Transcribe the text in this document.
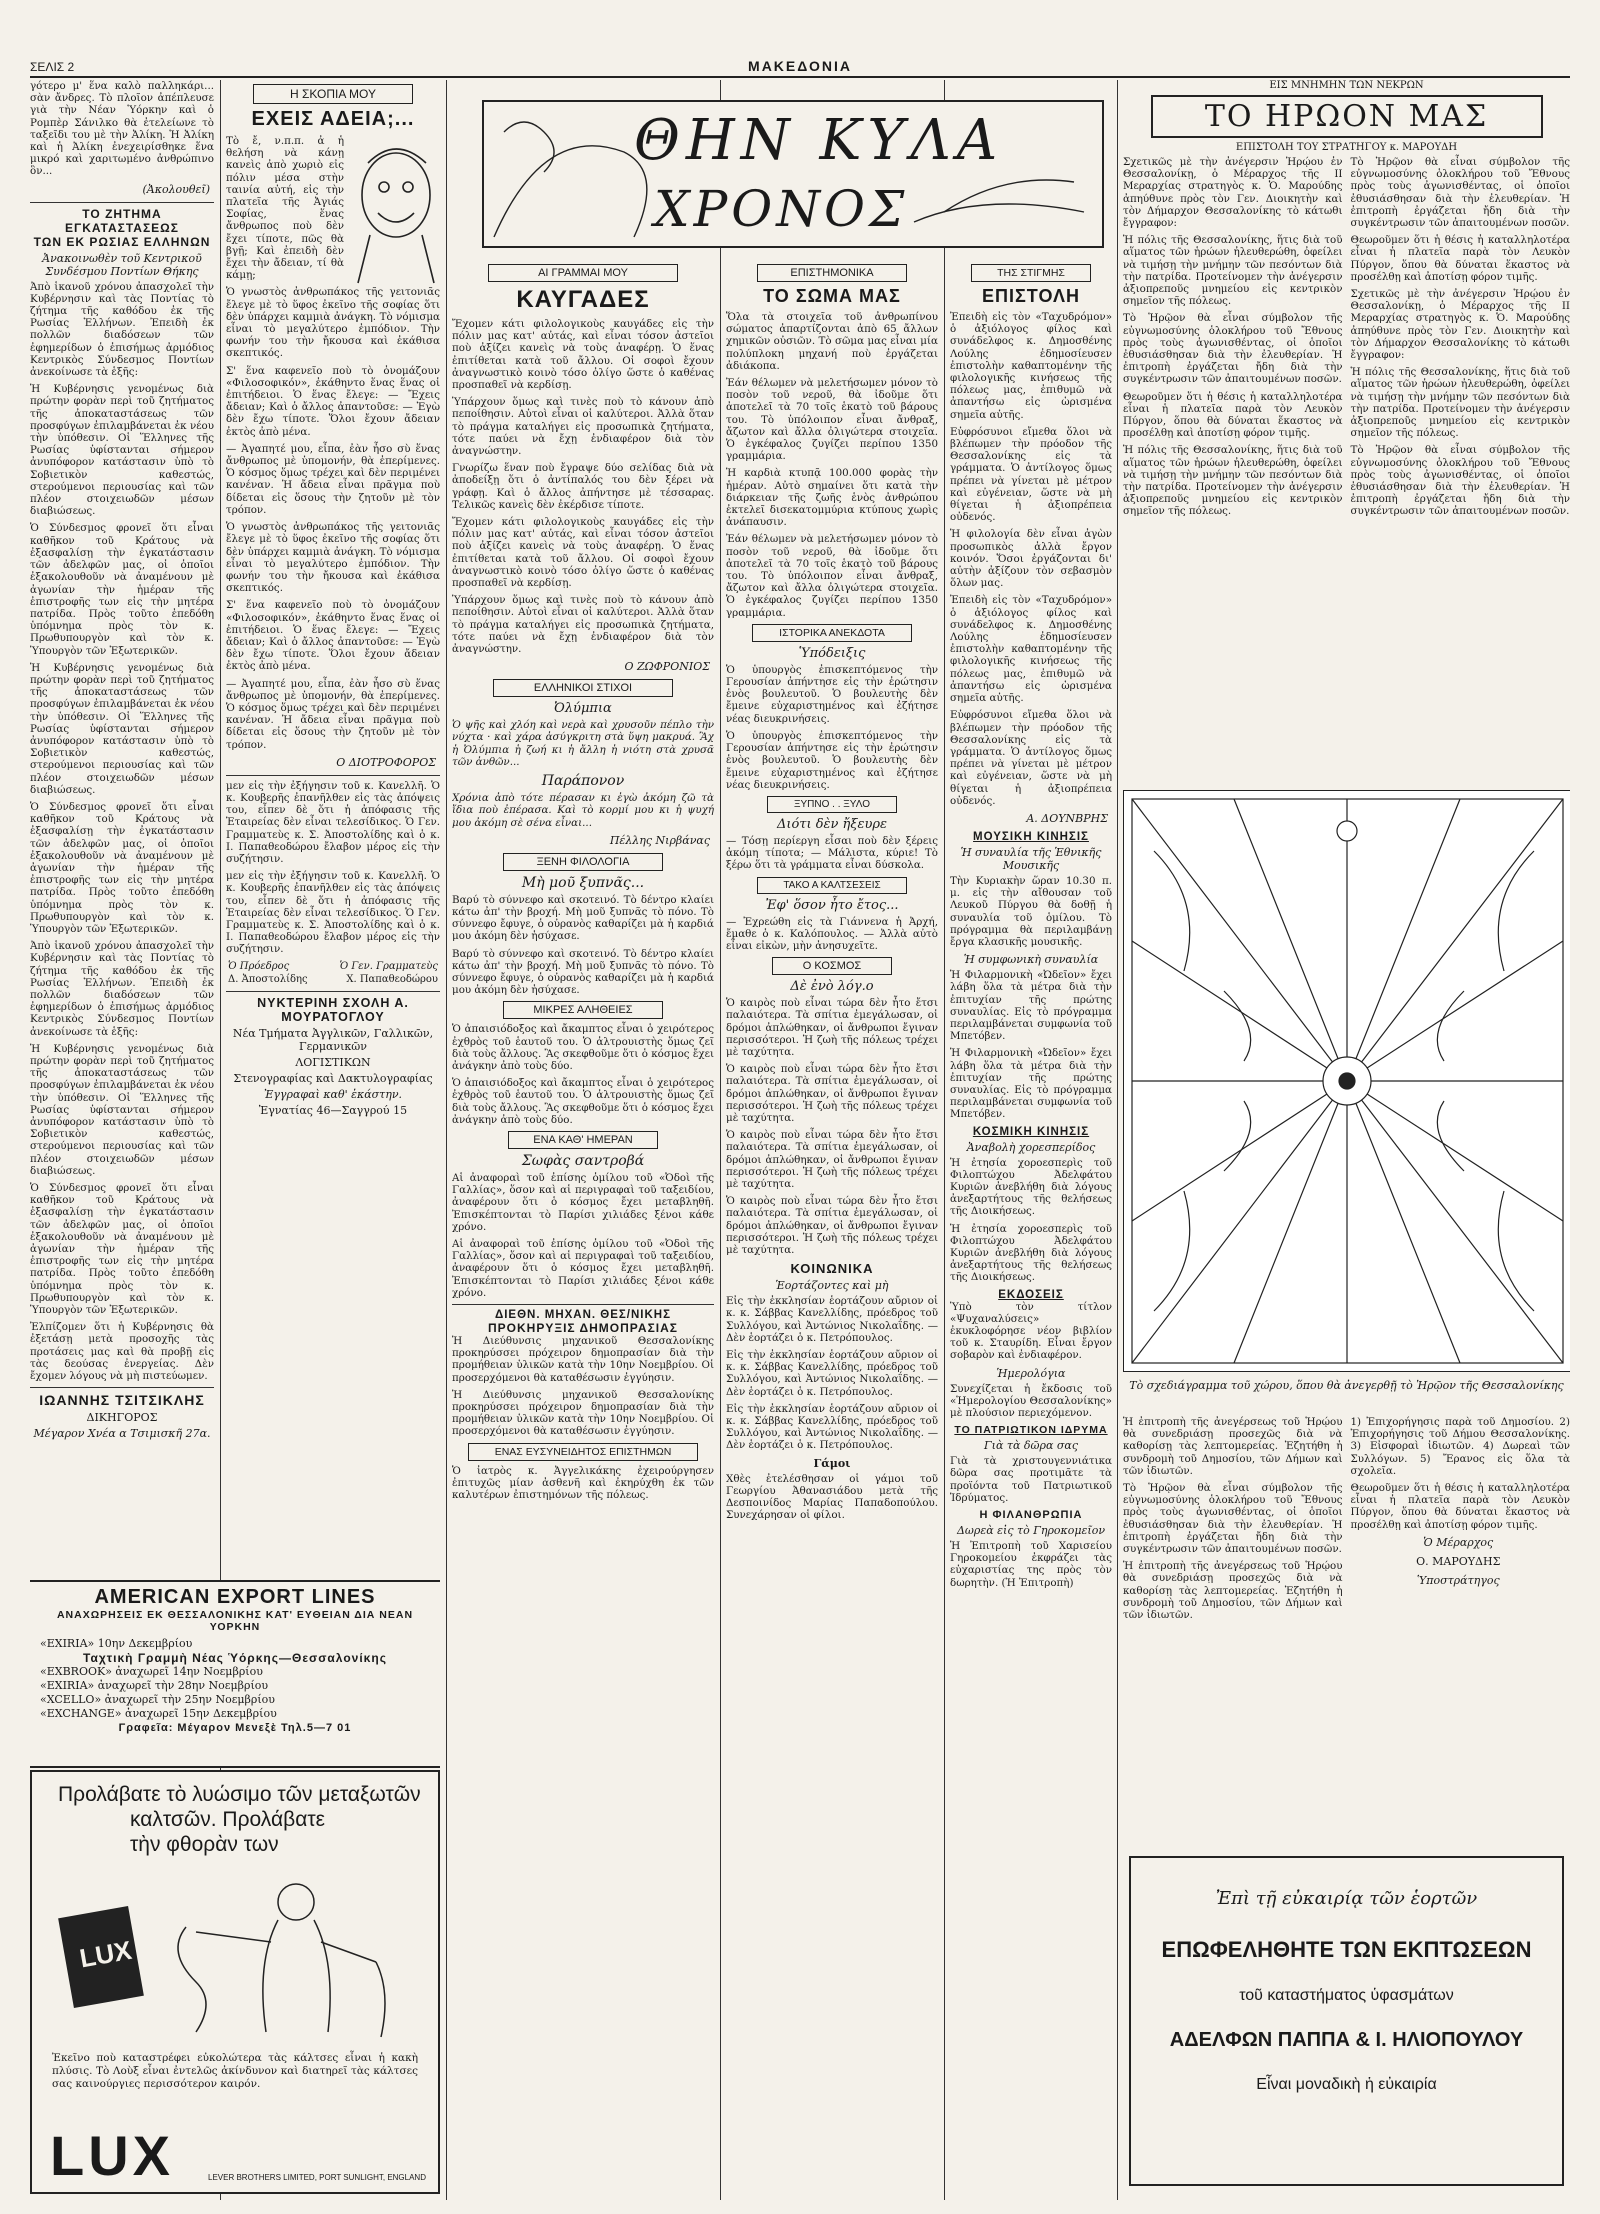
ΣΕΛΙΣ 2	ΜΑΚΕΔΟΝΙΑ

γότερο μ' ἕνα καλὸ παλληκάρι... σὰν ἄνδρες. Τὸ πλοῖον ἀπέπλευσε γιὰ τὴν Νέαν Ὑόρκην καὶ ὁ Ρομπὲρ Σάνιλκο θὰ ἐτελείωνε τὸ ταξεῖδι του μὲ τὴν Ἀλίκη. Ἡ Ἀλίκη καὶ ἡ Ἀλίκη ἐνεχειρίσθηκε ἕνα μικρό καὶ χαριτωμένο ἀνθρώπινο ὃν...

(Ἀκολουθεῖ)
ΤΟ ΖΗΤΗΜΑ ΕΓΚΑΤΑΣΤΑΣΕΩΣ
ΤΩΝ ΕΚ ΡΩΣΙΑΣ ΕΛΛΗΝΩΝ
Ἀνακοινωθὲν τοῦ Κεντρικοῦ Συνδέσμου Ποντίων Θήκης

Ἀπὸ ἱκανοῦ χρόνου ἀπασχολεῖ τὴν Κυβέρνησιν καὶ τὰς Ποντίας τὸ ζήτημα τῆς καθόδου ἐκ τῆς Ρωσίας Ἑλλήνων. Ἐπειδὴ ἐκ πολλῶν διαδόσεων τῶν ἐφημερίδων ὁ ἐπισήμως ἀρμόδιος Κεντρικὸς Σύνδεσμος Ποντίων ἀνεκοίνωσε τὰ ἑξῆς:

Ἡ Κυβέρνησις γενομένως διὰ πρώτην φορὰν περὶ τοῦ ζητήματος τῆς ἀποκαταστάσεως τῶν προσφύγων ἐπιλαμβάνεται ἐκ νέου τὴν ὑπόθεσιν. Οἱ Ἕλληνες τῆς Ρωσίας ὑφίστανται σήμερον ἀνυπόφορον κατάστασιν ὑπὸ τὸ Σοβιετικὸν καθεστώς, στερούμενοι περιουσίας καὶ τῶν πλέον στοιχειωδῶν μέσων διαβιώσεως.

Ὁ Σύνδεσμος φρονεῖ ὅτι εἶναι καθῆκον τοῦ Κράτους νὰ ἐξασφαλίσῃ τὴν ἐγκατάστασιν τῶν ἀδελφῶν μας, οἱ ὁποῖοι ἐξακολουθοῦν νὰ ἀναμένουν μὲ ἀγωνίαν τὴν ἡμέραν τῆς ἐπιστροφῆς των εἰς τὴν μητέρα πατρίδα. Πρὸς τοῦτο ἐπεδόθη ὑπόμνημα πρὸς τὸν κ. Πρωθυπουργὸν καὶ τὸν κ. Ὑπουργὸν τῶν Ἐξωτερικῶν.

Ἡ Κυβέρνησις γενομένως διὰ πρώτην φορὰν περὶ τοῦ ζητήματος τῆς ἀποκαταστάσεως τῶν προσφύγων ἐπιλαμβάνεται ἐκ νέου τὴν ὑπόθεσιν. Οἱ Ἕλληνες τῆς Ρωσίας ὑφίστανται σήμερον ἀνυπόφορον κατάστασιν ὑπὸ τὸ Σοβιετικὸν καθεστώς, στερούμενοι περιουσίας καὶ τῶν πλέον στοιχειωδῶν μέσων διαβιώσεως.

Ὁ Σύνδεσμος φρονεῖ ὅτι εἶναι καθῆκον τοῦ Κράτους νὰ ἐξασφαλίσῃ τὴν ἐγκατάστασιν τῶν ἀδελφῶν μας, οἱ ὁποῖοι ἐξακολουθοῦν νὰ ἀναμένουν μὲ ἀγωνίαν τὴν ἡμέραν τῆς ἐπιστροφῆς των εἰς τὴν μητέρα πατρίδα. Πρὸς τοῦτο ἐπεδόθη ὑπόμνημα πρὸς τὸν κ. Πρωθυπουργὸν καὶ τὸν κ. Ὑπουργὸν τῶν Ἐξωτερικῶν.

Ἀπὸ ἱκανοῦ χρόνου ἀπασχολεῖ τὴν Κυβέρνησιν καὶ τὰς Ποντίας τὸ ζήτημα τῆς καθόδου ἐκ τῆς Ρωσίας Ἑλλήνων. Ἐπειδὴ ἐκ πολλῶν διαδόσεων τῶν ἐφημερίδων ὁ ἐπισήμως ἀρμόδιος Κεντρικὸς Σύνδεσμος Ποντίων ἀνεκοίνωσε τὰ ἑξῆς:

Ἡ Κυβέρνησις γενομένως διὰ πρώτην φορὰν περὶ τοῦ ζητήματος τῆς ἀποκαταστάσεως τῶν προσφύγων ἐπιλαμβάνεται ἐκ νέου τὴν ὑπόθεσιν. Οἱ Ἕλληνες τῆς Ρωσίας ὑφίστανται σήμερον ἀνυπόφορον κατάστασιν ὑπὸ τὸ Σοβιετικὸν καθεστώς, στερούμενοι περιουσίας καὶ τῶν πλέον στοιχειωδῶν μέσων διαβιώσεως.

Ὁ Σύνδεσμος φρονεῖ ὅτι εἶναι καθῆκον τοῦ Κράτους νὰ ἐξασφαλίσῃ τὴν ἐγκατάστασιν τῶν ἀδελφῶν μας, οἱ ὁποῖοι ἐξακολουθοῦν νὰ ἀναμένουν μὲ ἀγωνίαν τὴν ἡμέραν τῆς ἐπιστροφῆς των εἰς τὴν μητέρα πατρίδα. Πρὸς τοῦτο ἐπεδόθη ὑπόμνημα πρὸς τὸν κ. Πρωθυπουργὸν καὶ τὸν κ. Ὑπουργὸν τῶν Ἐξωτερικῶν.

Ἐλπίζομεν ὅτι ἡ Κυβέρνησις θὰ ἐξετάσῃ μετὰ προσοχῆς τὰς προτάσεις μας καὶ θὰ προβῇ εἰς τὰς δεούσας ἐνεργείας. Δὲν ἔχομεν λόγους νὰ μὴ πιστεύωμεν.

ΙΩΑΝΝΗΣ ΤΣΙΤΣΙΚΛΗΣ
ΔΙΚΗΓΟΡΟΣ
Μέγαρον Χνέα α Τσιμισκῆ 27α.
AMERICAN EXPORT LINES
ΑΝΑΧΩΡΗΣΕΙΣ ΕΚ ΘΕΣΣΑΛΟΝΙΚΗΣ ΚΑΤ' ΕΥΘΕΙΑΝ ΔΙΑ ΝΕΑΝ ΥΟΡΚΗΝ
«EXIRIA» 10ην Δεκεμβρίου
Ταχτικὴ Γραμμὴ Νέας Ὑόρκης—Θεσσαλονίκης
«EXBROOK» ἀναχωρεῖ 14ην Νοεμβρίου
«EXIRIA» ἀναχωρεῖ τὴν 28ην Νοεμβρίου
«XCELLO» ἀναχωρεῖ τὴν 25ην Νοεμβρίου
«EXCHANGE» ἀναχωρεῖ 15ην Δεκεμβρίου
Γραφεῖα: Μέγαρον Μενεξὲ Τηλ.5—7 01
Προλάβατε τὸ λυώσιμο τῶν μεταξωτῶν
καλτσῶν. Προλάβατε
τὴν φθορὰν των
LUX

Ἐκεῖνο ποὺ καταστρέφει εὐκολώτερα τὰς κάλτσες εἶναι ἡ κακὴ πλύσις. Τὸ Λοὺξ εἶναι ἐντελῶς ἀκίνδυνον καὶ διατηρεῖ τὰς κάλτσες σας καινούργιες περισσότερον καιρόν.

LUX	LEVER BROTHERS LIMITED, PORT SUNLIGHT, ENGLAND
Η ΣΚΟΠΙΑ ΜΟΥ
ΕΧΕΙΣ ΑΔΕΙΑ;...

Τὸ ἔ, ν.π.π. ἀ ἡ θελήση νὰ κάνῃ κανεὶς ἀπὸ χωριὸ εἰς πόλιν μέσα στὴν ταινία αὐτή, εἰς τὴν πλατεῖα τῆς Ἀγιάς Σοφίας, ἕνας ἄνθρωπος ποὺ δὲν ἔχει τίποτε, πῶς θὰ βγῇ; Καὶ ἐπειδὴ δὲν ἔχει τὴν ἄδειαν, τί θὰ κάμῃ;

Ὁ γνωστὸς ἀνθρωπάκος τῆς γειτονιᾶς ἔλεγε μὲ τὸ ὕφος ἐκεῖνο τῆς σοφίας ὅτι δὲν ὑπάρχει καμμιὰ ἀνάγκη. Τὸ νόμισμα εἶναι τὸ μεγαλύτερο ἐμπόδιον. Τὴν φωνήν του τὴν ἤκουσα καὶ ἐκάθισα σκεπτικός.

Σ' ἕνα καφενεῖο ποὺ τὸ ὀνομάζουν «Φιλοσοφικόν», ἐκάθηντο ἕνας ἕνας οἱ ἐπιτήδειοι. Ὁ ἕνας ἔλεγε: — Ἔχεις ἄδειαν; Καὶ ὁ ἄλλος ἀπαντοῦσε: — Ἐγὼ δὲν ἔχω τίποτε. Ὅλοι ἔχουν ἄδειαν ἐκτὸς ἀπὸ μένα.

— Ἀγαπητέ μου, εἶπα, ἐὰν ἦσο σὺ ἕνας ἄνθρωπος μὲ ὑπομονήν, θὰ ἐπερίμενες. Ὁ κόσμος ὅμως τρέχει καὶ δὲν περιμένει κανέναν. Ἡ ἄδεια εἶναι πρᾶγμα ποὺ δίδεται εἰς ὅσους τὴν ζητοῦν μὲ τὸν τρόπον.

Ὁ γνωστὸς ἀνθρωπάκος τῆς γειτονιᾶς ἔλεγε μὲ τὸ ὕφος ἐκεῖνο τῆς σοφίας ὅτι δὲν ὑπάρχει καμμιὰ ἀνάγκη. Τὸ νόμισμα εἶναι τὸ μεγαλύτερο ἐμπόδιον. Τὴν φωνήν του τὴν ἤκουσα καὶ ἐκάθισα σκεπτικός.

Σ' ἕνα καφενεῖο ποὺ τὸ ὀνομάζουν «Φιλοσοφικόν», ἐκάθηντο ἕνας ἕνας οἱ ἐπιτήδειοι. Ὁ ἕνας ἔλεγε: — Ἔχεις ἄδειαν; Καὶ ὁ ἄλλος ἀπαντοῦσε: — Ἐγὼ δὲν ἔχω τίποτε. Ὅλοι ἔχουν ἄδειαν ἐκτὸς ἀπὸ μένα.

— Ἀγαπητέ μου, εἶπα, ἐὰν ἦσο σὺ ἕνας ἄνθρωπος μὲ ὑπομονήν, θὰ ἐπερίμενες. Ὁ κόσμος ὅμως τρέχει καὶ δὲν περιμένει κανέναν. Ἡ ἄδεια εἶναι πρᾶγμα ποὺ δίδεται εἰς ὅσους τὴν ζητοῦν μὲ τὸν τρόπον.

Ο ΔΙΟΤΡΟΦΟΡΟΣ

μεν εἰς τὴν ἐξήγησιν τοῦ κ. Κανελλῆ. Ὁ κ. Κουβερῆς ἐπανῆλθεν εἰς τὰς ἀπόψεις του, εἶπεν δὲ ὅτι ἡ ἀπόφασις τῆς Ἑταιρείας δὲν εἶναι τελεσίδικος. Ὁ Γεν. Γραμματεὺς κ. Σ. Ἀποστολίδης καὶ ὁ κ. Ι. Παπαθεοδώρου ἔλαβον μέρος εἰς τὴν συζήτησιν.

μεν εἰς τὴν ἐξήγησιν τοῦ κ. Κανελλῆ. Ὁ κ. Κουβερῆς ἐπανῆλθεν εἰς τὰς ἀπόψεις του, εἶπεν δὲ ὅτι ἡ ἀπόφασις τῆς Ἑταιρείας δὲν εἶναι τελεσίδικος. Ὁ Γεν. Γραμματεὺς κ. Σ. Ἀποστολίδης καὶ ὁ κ. Ι. Παπαθεοδώρου ἔλαβον μέρος εἰς τὴν συζήτησιν.

Ὁ Πρόεδρος	Ὁ Γεν. Γραμματεὺς
Δ. Ἀποστολίδης	Χ. Παπαθεοδώρου
ΝΥΚΤΕΡΙΝΗ ΣΧΟΛΗ Α. ΜΟΥΡΑΤΟΓΛΟΥ
Νέα Τμήματα Ἀγγλικῶν, Γαλλικῶν, Γερμανικῶν
ΛΟΓΙΣΤΙΚΩΝ
Στενογραφίας καὶ Δακτυλογραφίας
Ἐγγραφαὶ καθ' ἑκάστην.
Ἐγνατίας 46—Σαγγρού 15
ΘΗΝ ΚΥΛΑ
ΧΡΟΝΟΣ
ΑΙ ΓΡΑΜΜΑΙ ΜΟΥ
ΚΑΥΓΑΔΕΣ

Ἔχομεν κάτι φιλολογικοὺς καυγάδες εἰς τὴν πόλιν μας κατ' αὐτάς, καὶ εἶναι τόσον ἀστεῖοι ποὺ ἀξίζει κανεὶς νὰ τοὺς ἀναφέρῃ. Ὁ ἕνας ἐπιτίθεται κατὰ τοῦ ἄλλου. Οἱ σοφοὶ ἔχουν ἀναγνωστικὸ κοινὸ τόσο ὀλίγο ὥστε ὁ καθένας προσπαθεῖ νὰ κερδίσῃ.

Ὑπάρχουν ὅμως καὶ τινὲς ποὺ τὸ κάνουν ἀπὸ πεποίθησιν. Αὐτοὶ εἶναι οἱ καλύτεροι. Ἀλλὰ ὅταν τὸ πράγμα καταλήγει εἰς προσωπικὰ ζητήματα, τότε παύει νὰ ἔχῃ ἐνδιαφέρον διὰ τὸν ἀναγνώστην.

Γνωρίζω ἕναν ποὺ ἔγραψε δύο σελίδας διὰ νὰ ἀποδείξῃ ὅτι ὁ ἀντίπαλός του δὲν ξέρει νὰ γράφῃ. Καὶ ὁ ἄλλος ἀπήντησε μὲ τέσσαρας. Τελικῶς κανεὶς δὲν ἐκέρδισε τίποτε.

Ἔχομεν κάτι φιλολογικοὺς καυγάδες εἰς τὴν πόλιν μας κατ' αὐτάς, καὶ εἶναι τόσον ἀστεῖοι ποὺ ἀξίζει κανεὶς νὰ τοὺς ἀναφέρῃ. Ὁ ἕνας ἐπιτίθεται κατὰ τοῦ ἄλλου. Οἱ σοφοὶ ἔχουν ἀναγνωστικὸ κοινὸ τόσο ὀλίγο ὥστε ὁ καθένας προσπαθεῖ νὰ κερδίσῃ.

Ὑπάρχουν ὅμως καὶ τινὲς ποὺ τὸ κάνουν ἀπὸ πεποίθησιν. Αὐτοὶ εἶναι οἱ καλύτεροι. Ἀλλὰ ὅταν τὸ πράγμα καταλήγει εἰς προσωπικὰ ζητήματα, τότε παύει νὰ ἔχῃ ἐνδιαφέρον διὰ τὸν ἀναγνώστην.

Ο ΖΩΦΡΟΝΙΟΣ
ΕΛΛΗΝΙΚΟΙ ΣΤΙΧΟΙ
Ὀλύμπια

Ὁ ψῆς καὶ χλόη καὶ νερὰ καὶ χρυσοῦν πέπλο τὴν νύχτα · καὶ χάρα ἀσύγκριτη στὰ ὕψη μακρυά. Ἂχ ἡ Ὀλύμπια ἡ ζωή κι ἡ ἄλλη ἡ νιότη στὰ χρυσᾶ τῶν ἀνθῶν...

Παράπονον

Χρόνια ἀπὸ τότε πέρασαν κι ἐγὼ ἀκόμη ζῶ τὰ ἴδια ποὺ ἐπέρασα. Καὶ τὸ κορμί μου κι ἡ ψυχή μου ἀκόμη σὲ σένα εἶναι...

Πέλλης Νιρβάνας
ΞΕΝΗ ΦΙΛΟΛΟΓΙΑ
Μὴ μοῦ ξυπνᾶς...

Βαρύ τὸ σύννεφο καὶ σκοτεινό. Τὸ δέντρο κλαίει κάτω ἀπ' τὴν βροχή. Μὴ μοῦ ξυπνᾶς τὸ πόνο. Τὸ σύννεφο ἔφυγε, ὁ οὐρανὸς καθαρίζει μὰ ἡ καρδιά μου ἀκόμη δὲν ἡσύχασε.

Βαρύ τὸ σύννεφο καὶ σκοτεινό. Τὸ δέντρο κλαίει κάτω ἀπ' τὴν βροχή. Μὴ μοῦ ξυπνᾶς τὸ πόνο. Τὸ σύννεφο ἔφυγε, ὁ οὐρανὸς καθαρίζει μὰ ἡ καρδιά μου ἀκόμη δὲν ἡσύχασε.

ΜΙΚΡΕΣ ΑΛΗΘΕΙΕΣ

Ὁ ἀπαισιόδοξος καὶ ἄκαμπτος εἶναι ὁ χειρότερος ἐχθρὸς τοῦ ἑαυτοῦ του. Ὁ ἀλτρουιστὴς ὅμως ζεῖ διὰ τοὺς ἄλλους. Ἂς σκεφθοῦμε ὅτι ὁ κόσμος ἔχει ἀνάγκην ἀπὸ τοὺς δύο.

Ὁ ἀπαισιόδοξος καὶ ἄκαμπτος εἶναι ὁ χειρότερος ἐχθρὸς τοῦ ἑαυτοῦ του. Ὁ ἀλτρουιστὴς ὅμως ζεῖ διὰ τοὺς ἄλλους. Ἂς σκεφθοῦμε ὅτι ὁ κόσμος ἔχει ἀνάγκην ἀπὸ τοὺς δύο.

ΕΝΑ ΚΑΘ' ΗΜΕΡΑΝ
Σωφὰς σαντροβά

Αἱ ἀναφοραὶ τοῦ ἐπίσης ὁμίλου τοῦ «Ὀδοὶ τῆς Γαλλίας», ὅσον καὶ αἱ περιγραφαὶ τοῦ ταξειδίου, ἀναφέρουν ὅτι ὁ κόσμος ἔχει μεταβληθῆ. Ἐπισκέπτονται τὸ Παρίσι χιλιάδες ξένοι κάθε χρόνο.

Αἱ ἀναφοραὶ τοῦ ἐπίσης ὁμίλου τοῦ «Ὀδοὶ τῆς Γαλλίας», ὅσον καὶ αἱ περιγραφαὶ τοῦ ταξειδίου, ἀναφέρουν ὅτι ὁ κόσμος ἔχει μεταβληθῆ. Ἐπισκέπτονται τὸ Παρίσι χιλιάδες ξένοι κάθε χρόνο.

ΔΙΕΘΝ. ΜΗΧΑΝ. ΘΕΣ/ΝΙΚΗΣ
ΠΡΟΚΗΡΥΞΙΣ ΔΗΜΟΠΡΑΣΙΑΣ

Ἡ Διεύθυνσις μηχανικοῦ Θεσσαλονίκης προκηρύσσει πρόχειρον δημοπρασίαν διὰ τὴν προμήθειαν ὑλικῶν κατὰ τὴν 10ην Νοεμβρίου. Οἱ προσερχόμενοι θὰ καταθέσωσιν ἐγγύησιν.

Ἡ Διεύθυνσις μηχανικοῦ Θεσσαλονίκης προκηρύσσει πρόχειρον δημοπρασίαν διὰ τὴν προμήθειαν ὑλικῶν κατὰ τὴν 10ην Νοεμβρίου. Οἱ προσερχόμενοι θὰ καταθέσωσιν ἐγγύησιν.

ΕΝΑΣ ΕΥΣΥΝΕΙΔΗΤΟΣ ΕΠΙΣΤΗΜΩΝ

Ὁ ἰατρὸς κ. Ἀγγελικάκης ἐχειρούργησεν ἐπιτυχῶς μίαν ἀσθενῆ καὶ ἐκηρύχθη ἐκ τῶν καλυτέρων ἐπιστημόνων τῆς πόλεως.

ΕΠΙΣΤΗΜΟΝΙΚΑ
ΤΟ ΣΩΜΑ ΜΑΣ

Ὅλα τὰ στοιχεῖα τοῦ ἀνθρωπίνου σώματος ἀπαρτίζονται ἀπὸ 65 ἄλλων χημικῶν οὐσιῶν. Τὸ σῶμα μας εἶναι μία πολύπλοκη μηχανή ποὺ ἐργάζεται ἀδιάκοπα.

Ἐάν θέλωμεν νὰ μελετήσωμεν μόνον τὸ ποσὸν τοῦ νεροῦ, θὰ ἰδοῦμε ὅτι ἀποτελεῖ τὰ 70 τοῖς ἑκατὸ τοῦ βάρους του. Τὸ ὑπόλοιπον εἶναι ἄνθραξ, ἄζωτον καὶ ἄλλα ὀλιγώτερα στοιχεῖα. Ὁ ἐγκέφαλος ζυγίζει περίπου 1350 γραμμάρια.

Ἡ καρδιὰ κτυπᾷ 100.000 φορὰς τὴν ἡμέραν. Αὐτὸ σημαίνει ὅτι κατὰ τὴν διάρκειαν τῆς ζωῆς ἑνὸς ἀνθρώπου ἐκτελεῖ δισεκατομμύρια κτύπους χωρὶς ἀνάπαυσιν.

Ἐάν θέλωμεν νὰ μελετήσωμεν μόνον τὸ ποσὸν τοῦ νεροῦ, θὰ ἰδοῦμε ὅτι ἀποτελεῖ τὰ 70 τοῖς ἑκατὸ τοῦ βάρους του. Τὸ ὑπόλοιπον εἶναι ἄνθραξ, ἄζωτον καὶ ἄλλα ὀλιγώτερα στοιχεῖα. Ὁ ἐγκέφαλος ζυγίζει περίπου 1350 γραμμάρια.

ΙΣΤΟΡΙΚΑ ΑΝΕΚΔΟΤΑ
Ὑπόδειξις

Ὁ ὑπουργὸς ἐπισκεπτόμενος τὴν Γερουσίαν ἀπήντησε εἰς τὴν ἐρώτησιν ἑνὸς βουλευτοῦ. Ὁ βουλευτὴς δὲν ἔμεινε εὐχαριστημένος καὶ ἐζήτησε νέας διευκρινήσεις.

Ὁ ὑπουργὸς ἐπισκεπτόμενος τὴν Γερουσίαν ἀπήντησε εἰς τὴν ἐρώτησιν ἑνὸς βουλευτοῦ. Ὁ βουλευτὴς δὲν ἔμεινε εὐχαριστημένος καὶ ἐζήτησε νέας διευκρινήσεις.

ΞΥΠΝΟ . . ΞΥΛΟ
Διότι δὲν ἤξευρε

— Τόσῃ περίεργη εἶσαι ποὺ δὲν ξέρεις ἀκόμη τίποτα; — Μάλιστα, κύριε! Τὸ ξέρω ὅτι τὰ γράμματα εἶναι δύσκολα.

ΤΑΚΟ Α ΚΑΛΤΣΕΣΕΙΣ
Ἐφ' ὅσον ἦτο ἔτος...

— Ἐχρεώθη εἰς τὰ Γιάννενα ἡ Ἀρχή, ἔμαθε ὁ κ. Καλόπουλος. — Ἀλλὰ αὐτὸ εἶναι εἰκὼν, μὴν ἀνησυχεῖτε.

Ο ΚΟΣΜΟΣ
Δὲ ἐνὸ λόγ.ο

Ὁ καιρὸς ποὺ εἶναι τώρα δὲν ἦτο ἔτσι παλαιότερα. Τὰ σπίτια ἐμεγάλωσαν, οἱ δρόμοι ἀπλώθηκαν, οἱ ἄνθρωποι ἔγιναν περισσότεροι. Ἡ ζωὴ τῆς πόλεως τρέχει μὲ ταχύτητα.

Ὁ καιρὸς ποὺ εἶναι τώρα δὲν ἦτο ἔτσι παλαιότερα. Τὰ σπίτια ἐμεγάλωσαν, οἱ δρόμοι ἀπλώθηκαν, οἱ ἄνθρωποι ἔγιναν περισσότεροι. Ἡ ζωὴ τῆς πόλεως τρέχει μὲ ταχύτητα.

Ὁ καιρὸς ποὺ εἶναι τώρα δὲν ἦτο ἔτσι παλαιότερα. Τὰ σπίτια ἐμεγάλωσαν, οἱ δρόμοι ἀπλώθηκαν, οἱ ἄνθρωποι ἔγιναν περισσότεροι. Ἡ ζωὴ τῆς πόλεως τρέχει μὲ ταχύτητα.

Ὁ καιρὸς ποὺ εἶναι τώρα δὲν ἦτο ἔτσι παλαιότερα. Τὰ σπίτια ἐμεγάλωσαν, οἱ δρόμοι ἀπλώθηκαν, οἱ ἄνθρωποι ἔγιναν περισσότεροι. Ἡ ζωὴ τῆς πόλεως τρέχει μὲ ταχύτητα.

ΚΟΙΝΩΝΙΚΑ
Ἑορτάζοντες καὶ μὴ

Εἰς τὴν ἐκκλησίαν ἑορτάζουν αὔριον οἱ κ. κ. Σάββας Κανελλίδης, πρόεδρος τοῦ Συλλόγου, καὶ Ἀντώνιος Νικολαΐδης. — Δὲν ἑορτάζει ὁ κ. Πετρόπουλος.

Εἰς τὴν ἐκκλησίαν ἑορτάζουν αὔριον οἱ κ. κ. Σάββας Κανελλίδης, πρόεδρος τοῦ Συλλόγου, καὶ Ἀντώνιος Νικολαΐδης. — Δὲν ἑορτάζει ὁ κ. Πετρόπουλος.

Εἰς τὴν ἐκκλησίαν ἑορτάζουν αὔριον οἱ κ. κ. Σάββας Κανελλίδης, πρόεδρος τοῦ Συλλόγου, καὶ Ἀντώνιος Νικολαΐδης. — Δὲν ἑορτάζει ὁ κ. Πετρόπουλος.

Γάμοι

Χθὲς ἐτελέσθησαν οἱ γάμοι τοῦ Γεωργίου Ἀθανασιάδου μετὰ τῆς Δεσποινίδος Μαρίας Παπαδοπούλου. Συνεχάρησαν οἱ φίλοι.

ΤΗΣ ΣΤΙΓΜΗΣ
ΕΠΙΣΤΟΛΗ

Ἐπειδὴ εἰς τὸν «Ταχυδρόμον» ὁ ἀξιόλογος φίλος καὶ συνάδελφος κ. Δημοσθένης Λούλης ἐδημοσίευσεν ἐπιστολὴν καθαπτομένην τῆς φιλολογικῆς κινήσεως τῆς πόλεως μας, ἐπιθυμῶ νὰ ἀπαντήσω εἰς ὡρισμένα σημεῖα αὐτῆς.

Εὐφρόσυνοι εἴμεθα ὅλοι νὰ βλέπωμεν τὴν πρόοδον τῆς Θεσσαλονίκης εἰς τὰ γράμματα. Ὁ ἀντίλογος ὅμως πρέπει νὰ γίνεται μὲ μέτρον καὶ εὐγένειαν, ὥστε νὰ μὴ θίγεται ἡ ἀξιοπρέπεια οὐδενός.

Ἡ φιλολογία δὲν εἶναι ἀγὼν προσωπικὸς ἀλλὰ ἔργον κοινόν. Ὅσοι ἐργάζονται δι' αὐτὴν ἀξίζουν τὸν σεβασμὸν ὅλων μας.

Ἐπειδὴ εἰς τὸν «Ταχυδρόμον» ὁ ἀξιόλογος φίλος καὶ συνάδελφος κ. Δημοσθένης Λούλης ἐδημοσίευσεν ἐπιστολὴν καθαπτομένην τῆς φιλολογικῆς κινήσεως τῆς πόλεως μας, ἐπιθυμῶ νὰ ἀπαντήσω εἰς ὡρισμένα σημεῖα αὐτῆς.

Εὐφρόσυνοι εἴμεθα ὅλοι νὰ βλέπωμεν τὴν πρόοδον τῆς Θεσσαλονίκης εἰς τὰ γράμματα. Ὁ ἀντίλογος ὅμως πρέπει νὰ γίνεται μὲ μέτρον καὶ εὐγένειαν, ὥστε νὰ μὴ θίγεται ἡ ἀξιοπρέπεια οὐδενός.

Α. ΔΟΥΝΒΡΗΣ
ΜΟΥΣΙΚΗ ΚΙΝΗΣΙΣ
Ἡ συναυλία τῆς Ἑθνικῆς Μουσικῆς

Τὴν Κυριακὴν ὥραν 10.30 π. μ. εἰς τὴν αἴθουσαν τοῦ Λευκοῦ Πύργου θὰ δοθῇ ἡ συναυλία τοῦ ὁμίλου. Τὸ πρόγραμμα θὰ περιλαμβάνῃ ἔργα κλασικῆς μουσικῆς.

Ἡ συμφωνικὴ συναυλία

Ἡ Φιλαρμονικὴ «Ὠδεῖον» ἔχει λάβη ὅλα τὰ μέτρα διὰ τὴν ἐπιτυχίαν τῆς πρώτης συναυλίας. Εἰς τὸ πρόγραμμα περιλαμβάνεται συμφωνία τοῦ Μπετόβεν.

Ἡ Φιλαρμονικὴ «Ὠδεῖον» ἔχει λάβη ὅλα τὰ μέτρα διὰ τὴν ἐπιτυχίαν τῆς πρώτης συναυλίας. Εἰς τὸ πρόγραμμα περιλαμβάνεται συμφωνία τοῦ Μπετόβεν.

ΚΟΣΜΙΚΗ ΚΙΝΗΣΙΣ
Ἀναβολὴ χορεσπερίδος

Ἡ ἐτησία χοροεσπερὶς τοῦ Φιλοπτώχου Ἀδελφάτου Κυριῶν ἀνεβλήθη διὰ λόγους ἀνεξαρτήτους τῆς θελήσεως τῆς Διοικήσεως.

Ἡ ἐτησία χοροεσπερὶς τοῦ Φιλοπτώχου Ἀδελφάτου Κυριῶν ἀνεβλήθη διὰ λόγους ἀνεξαρτήτους τῆς θελήσεως τῆς Διοικήσεως.

ΕΚΔΟΣΕΙΣ

Ὑπὸ τὸν τίτλον «Ψυχαναλύσεις» ἐκυκλοφόρησε νέον βιβλίον τοῦ κ. Σταυρίδη. Εἶναι ἔργον σοβαρὸν καὶ ἐνδιαφέρον.

Ἡμερολόγια

Συνεχίζεται ἡ ἔκδοσις τοῦ «Ἡμερολογίου Θεσσαλονίκης» μὲ πλούσιον περιεχόμενον.

ΤΟ ΠΑΤΡΙΩΤΙΚΟΝ ΙΔΡΥΜΑ
Γιὰ τὰ δῶρα σας

Γιὰ τὰ χριστουγεννιάτικα δῶρα σας προτιμᾶτε τὰ προϊόντα τοῦ Πατριωτικοῦ Ἱδρύματος.

Η ΦΙΛΑΝΘΡΩΠΙΑ
Δωρεὰ εἰς τὸ Γηροκομεῖον

Ἡ Ἐπιτροπὴ τοῦ Χαρισείου Γηροκομείου ἐκφράζει τὰς εὐχαριστίας της πρὸς τὸν δωρητὴν. (Ἡ Ἐπιτροπὴ)

ΕΙΣ ΜΝΗΜΗΝ ΤΩΝ ΝΕΚΡΩΝ
ΤΟ ΗΡΩΟΝ ΜΑΣ
ΕΠΙΣΤΟΛΗ ΤΟΥ ΣΤΡΑΤΗΓΟΥ κ. ΜΑΡΟΥΔΗ

Σχετικῶς μὲ τὴν ἀνέγερσιν Ἡρῴου ἐν Θεσσαλονίκῃ, ὁ Μέραρχος τῆς ΙΙ Μεραρχίας στρατηγὸς κ. Ὁ. Μαρούδης ἀπηύθυνε πρὸς τὸν Γεν. Διοικητὴν καὶ τὸν Δήμαρχον Θεσσαλονίκης τὸ κάτωθι ἔγγραφον:

Ἡ πόλις τῆς Θεσσαλονίκης, ἥτις διὰ τοῦ αἵματος τῶν ἡρώων ἠλευθερώθη, ὀφείλει νὰ τιμήσῃ τὴν μνήμην τῶν πεσόντων διὰ τὴν πατρίδα. Προτείνομεν τὴν ἀνέγερσιν ἀξιοπρεποῦς μνημείου εἰς κεντρικὸν σημεῖον τῆς πόλεως.

Τὸ Ἡρῷον θὰ εἶναι σύμβολον τῆς εὐγνωμοσύνης ὁλοκλήρου τοῦ Ἔθνους πρὸς τοὺς ἀγωνισθέντας, οἱ ὁποῖοι ἐθυσιάσθησαν διὰ τὴν ἐλευθερίαν. Ἡ ἐπιτροπὴ ἐργάζεται ἤδη διὰ τὴν συγκέντρωσιν τῶν ἀπαιτουμένων ποσῶν.

Θεωροῦμεν ὅτι ἡ θέσις ἡ καταλληλοτέρα εἶναι ἡ πλατεῖα παρὰ τὸν Λευκὸν Πύργον, ὅπου θὰ δύναται ἕκαστος νὰ προσέλθῃ καὶ ἀποτίσῃ φόρον τιμῆς.

Ἡ πόλις τῆς Θεσσαλονίκης, ἥτις διὰ τοῦ αἵματος τῶν ἡρώων ἠλευθερώθη, ὀφείλει νὰ τιμήσῃ τὴν μνήμην τῶν πεσόντων διὰ τὴν πατρίδα. Προτείνομεν τὴν ἀνέγερσιν ἀξιοπρεποῦς μνημείου εἰς κεντρικὸν σημεῖον τῆς πόλεως.

Τὸ Ἡρῷον θὰ εἶναι σύμβολον τῆς εὐγνωμοσύνης ὁλοκλήρου τοῦ Ἔθνους πρὸς τοὺς ἀγωνισθέντας, οἱ ὁποῖοι ἐθυσιάσθησαν διὰ τὴν ἐλευθερίαν. Ἡ ἐπιτροπὴ ἐργάζεται ἤδη διὰ τὴν συγκέντρωσιν τῶν ἀπαιτουμένων ποσῶν.

Θεωροῦμεν ὅτι ἡ θέσις ἡ καταλληλοτέρα εἶναι ἡ πλατεῖα παρὰ τὸν Λευκὸν Πύργον, ὅπου θὰ δύναται ἕκαστος νὰ προσέλθῃ καὶ ἀποτίσῃ φόρον τιμῆς.

Σχετικῶς μὲ τὴν ἀνέγερσιν Ἡρῴου ἐν Θεσσαλονίκῃ, ὁ Μέραρχος τῆς ΙΙ Μεραρχίας στρατηγὸς κ. Ὁ. Μαρούδης ἀπηύθυνε πρὸς τὸν Γεν. Διοικητὴν καὶ τὸν Δήμαρχον Θεσσαλονίκης τὸ κάτωθι ἔγγραφον:

Ἡ πόλις τῆς Θεσσαλονίκης, ἥτις διὰ τοῦ αἵματος τῶν ἡρώων ἠλευθερώθη, ὀφείλει νὰ τιμήσῃ τὴν μνήμην τῶν πεσόντων διὰ τὴν πατρίδα. Προτείνομεν τὴν ἀνέγερσιν ἀξιοπρεποῦς μνημείου εἰς κεντρικὸν σημεῖον τῆς πόλεως.

Τὸ Ἡρῷον θὰ εἶναι σύμβολον τῆς εὐγνωμοσύνης ὁλοκλήρου τοῦ Ἔθνους πρὸς τοὺς ἀγωνισθέντας, οἱ ὁποῖοι ἐθυσιάσθησαν διὰ τὴν ἐλευθερίαν. Ἡ ἐπιτροπὴ ἐργάζεται ἤδη διὰ τὴν συγκέντρωσιν τῶν ἀπαιτουμένων ποσῶν.

Τὸ σχεδιάγραμμα τοῦ χώρου, ὅπου θὰ ἀνεγερθῇ τὸ Ἡρῷον τῆς Θεσσαλονίκης

Ἡ ἐπιτροπὴ τῆς ἀνεγέρσεως τοῦ Ἡρῴου θὰ συνεδριάσῃ προσεχῶς διὰ νὰ καθορίσῃ τὰς λεπτομερείας. Ἐζητήθη ἡ συνδρομὴ τοῦ Δημοσίου, τῶν Δήμων καὶ τῶν ἰδιωτῶν.

Τὸ Ἡρῷον θὰ εἶναι σύμβολον τῆς εὐγνωμοσύνης ὁλοκλήρου τοῦ Ἔθνους πρὸς τοὺς ἀγωνισθέντας, οἱ ὁποῖοι ἐθυσιάσθησαν διὰ τὴν ἐλευθερίαν. Ἡ ἐπιτροπὴ ἐργάζεται ἤδη διὰ τὴν συγκέντρωσιν τῶν ἀπαιτουμένων ποσῶν.

Ἡ ἐπιτροπὴ τῆς ἀνεγέρσεως τοῦ Ἡρῴου θὰ συνεδριάσῃ προσεχῶς διὰ νὰ καθορίσῃ τὰς λεπτομερείας. Ἐζητήθη ἡ συνδρομὴ τοῦ Δημοσίου, τῶν Δήμων καὶ τῶν ἰδιωτῶν.

1) Ἐπιχορήγησις παρὰ τοῦ Δημοσίου. 2) Ἐπιχορήγησις τοῦ Δήμου Θεσσαλονίκης. 3) Εἰσφοραὶ ἰδιωτῶν. 4) Δωρεαὶ τῶν Συλλόγων. 5) Ἔρανος εἰς ὅλα τὰ σχολεῖα.

Θεωροῦμεν ὅτι ἡ θέσις ἡ καταλληλοτέρα εἶναι ἡ πλατεῖα παρὰ τὸν Λευκὸν Πύργον, ὅπου θὰ δύναται ἕκαστος νὰ προσέλθῃ καὶ ἀποτίσῃ φόρον τιμῆς.

Ὁ Μέραρχος
Ο. ΜΑΡΟΥΔΗΣ
Ὑποστράτηγος
Ἐπὶ τῇ εὐκαιρίᾳ τῶν ἑορτῶν
ΕΠΩΦΕΛΗΘΗΤΕ ΤΩΝ ΕΚΠΤΩΣΕΩΝ
τοῦ καταστήματος ὑφασμάτων
ΑΔΕΛΦΩΝ ΠΑΠΠΑ & Ι. ΗΛΙΟΠΟΥΛΟΥ
Εἶναι μοναδικὴ ἡ εὐκαιρία
